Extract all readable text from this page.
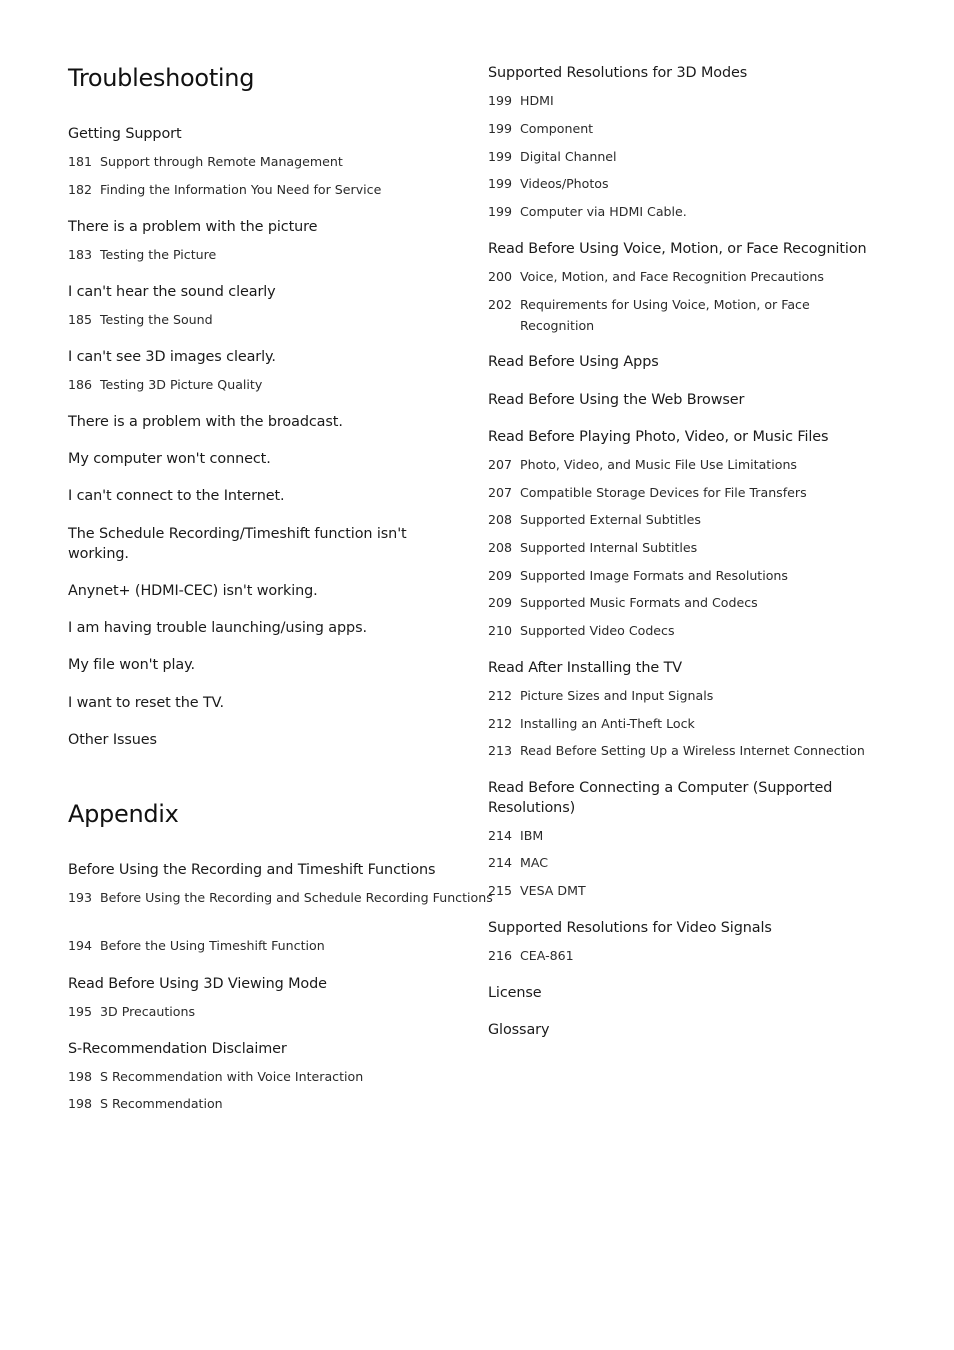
Troubleshooting
Getting Support
181 Support through Remote Management
182 Finding the Information You Need for Service
There is a problem with the picture
183 Testing the Picture
I can't hear the sound clearly
185 Testing the Sound
I can't see 3D images clearly.
186 Testing 3D Picture Quality
There is a problem with the broadcast.
My computer won't connect.
I can't connect to the Internet.
The Schedule Recording/Timeshift function isn't working.
Anynet+ (HDMI-CEC) isn't working.
I am having trouble launching/using apps.
My file won't play.
I want to reset the TV.
Other Issues
Appendix
Before Using the Recording and Timeshift Functions
193 Before Using the Recording and Schedule Recording Functions
194 Before the Using Timeshift Function
Read Before Using 3D Viewing Mode
195 3D Precautions
S-Recommendation Disclaimer
198 S Recommendation with Voice Interaction
198 S Recommendation
Supported Resolutions for 3D Modes
199 HDMI
199 Component
199 Digital Channel
199 Videos/Photos
199 Computer via HDMI Cable.
Read Before Using Voice, Motion, or Face Recognition
200 Voice, Motion, and Face Recognition Precautions
202 Requirements for Using Voice, Motion, or Face Recognition
Read Before Using Apps
Read Before Using the Web Browser
Read Before Playing Photo, Video, or Music Files
207 Photo, Video, and Music File Use Limitations
207 Compatible Storage Devices for File Transfers
208 Supported External Subtitles
208 Supported Internal Subtitles
209 Supported Image Formats and Resolutions
209 Supported Music Formats and Codecs
210 Supported Video Codecs
Read After Installing the TV
212 Picture Sizes and Input Signals
212 Installing an Anti-Theft Lock
213 Read Before Setting Up a Wireless Internet Connection
Read Before Connecting a Computer (Supported Resolutions)
214 IBM
214 MAC
215 VESA DMT
Supported Resolutions for Video Signals
216 CEA-861
License
Glossary
